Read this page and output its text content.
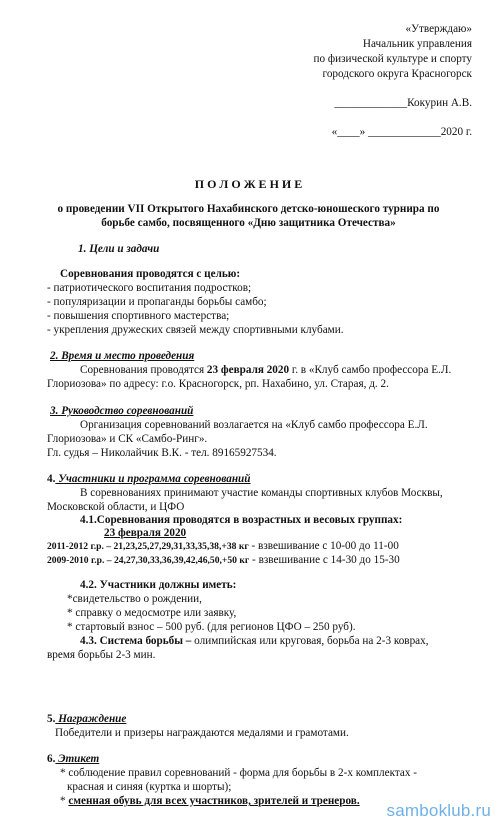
«Утверждаю»
Начальник управления
по физической культуре и спорту
городского округа Красногорск
_____________Кокурин А.В.
«____» _____________2020 г.
П О Л О Ж Е Н И Е
о проведении VII Открытого Нахабинского детско-юношеского турнира по
борьбе самбо, посвященного «Дню защитника Отечества»
1. Цели и задачи
Соревнования проводятся с целью:
- патриотического воспитания подростков;
- популяризации и пропаганды борьбы самбо;
- повышения спортивного мастерства;
- укрепления дружеских связей между спортивными клубами.
2. Время и место проведения
Соревнования проводятся 23 февраля 2020 г. в «Клуб самбо профессора Е.Л.
Глориозова» по адресу: г.о. Красногорск, рп. Нахабино, ул. Старая, д. 2.
3. Руководство соревнований
Организация соревнований возлагается на «Клуб самбо профессора Е.Л.
Глориозова» и СК «Самбо-Ринг».
Гл. судья – Николайчик В.К. - тел. 89165927534.
4. Участники и программа соревнований
В соревнованиях принимают участие команды спортивных клубов Москвы,
Московской области, и ЦФО
4.1.Соревнования проводятся в возрастных и весовых группах:
23 февраля 2020
2011-2012 г.р. – 21,23,25,27,29,31,33,35,38,+38 кг - взвешивание с 10-00 до 11-00
2009-2010 г.р. – 24,27,30,33,36,39,42,46,50,+50 кг - взвешивание с 14-30 до 15-30
4.2. Участники должны иметь:
*свидетельство о рождении,
* справку о медосмотре или заявку,
* стартовый взнос – 500 руб. (для регионов ЦФО – 250 руб).
4.3. Система борьбы – олимпийская или круговая, борьба на 2-3 коврах,
время борьбы 2-3 мин.
5. Награждение
Победители и призеры награждаются медалями и грамотами.
6. Этикет
* соблюдение правил соревнований - форма для борьбы в 2-х комплектах -
красная и синяя (куртка и шорты);
* сменная обувь для всех участников, зрителей и тренеров. samboklub.ru
